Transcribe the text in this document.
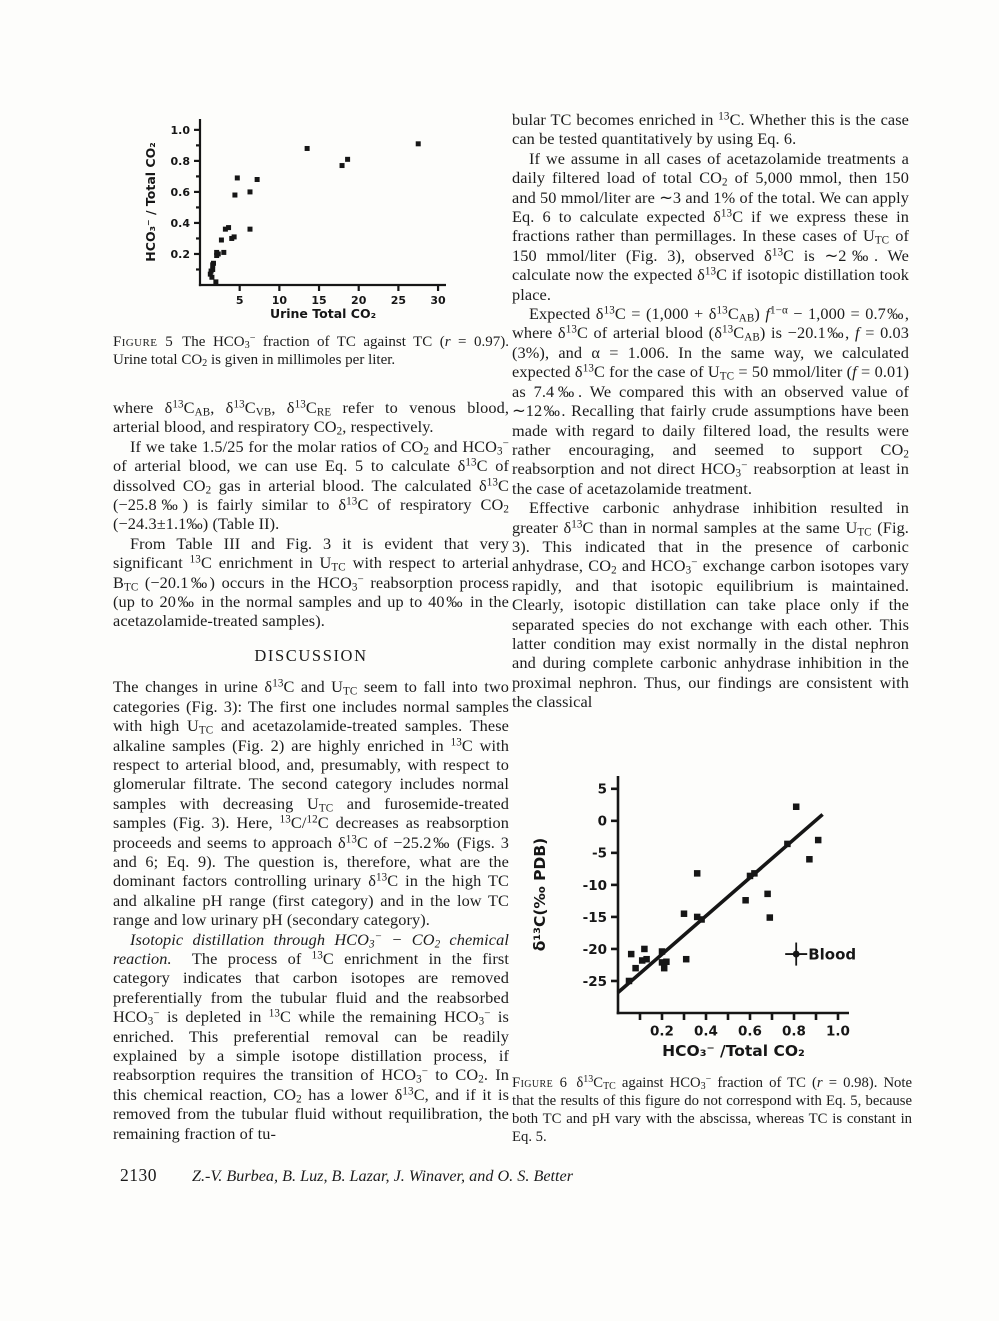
5	10 15 20 25 30
0.2
0.4
0.6
0.8
1.0
Urine Total CO₂
HCO₃⁻ / Total CO₂

Figure 5 The $HCO_3^-$ fraction of TC against TC (r = 0.97). Urine total $CO_2$ is given in millimoles per liter.

where $\delta^{13}C_{AB}$, $\delta^{13}C_{VB}$, $\delta^{13}C_{RE}$ refer to venous blood, arterial blood, and respiratory $CO_2$, respectively.

If we take 1.5/25 for the molar ratios of $CO_2$ and $HCO_3^-$ of arterial blood, we can use Eq. 5 to calculate $\delta^{13}C$ of dissolved $CO_2$ gas in arterial blood. The calculated $\delta^{13}C$ (−25.8‰) is fairly similar to $\delta^{13}C$ of respiratory $CO_2$ (−24.3±1.1‰) (Table II).

From Table III and Fig. 3 it is evident that very significant $^{13}$C enrichment in $U_{TC}$ with respect to arterial $B_{TC}$ (−20.1‰) occurs in the $HCO_3^-$ reabsorption process (up to 20‰ in the normal samples and up to 40‰ in the acetazolamide-treated samples).

DISCUSSION

The changes in urine $\delta^{13}C$ and $U_{TC}$ seem to fall into two categories (Fig. 3): The first one includes normal samples with high $U_{TC}$ and acetazolamide-treated samples. These alkaline samples (Fig. 2) are highly enriched in $^{13}$C with respect to arterial blood, and, presumably, with respect to glomerular filtrate. The second category includes normal samples with decreasing $U_{TC}$ and furosemide-treated samples (Fig. 3). Here, $^{13}$C/$^{12}$C decreases as reabsorption proceeds and seems to approach $\delta^{13}C$ of −25.2‰ (Figs. 3 and 6; Eq. 9). The question is, therefore, what are the dominant factors controlling urinary $\delta^{13}C$ in the high TC and alkaline pH range (first category) and in the low TC range and low urinary pH (secondary category).

Isotopic distillation through $HCO_3^- - CO_2$ chemical reaction.  The process of $^{13}$C enrichment in the first category indicates that carbon isotopes are removed preferentially from the tubular fluid and the reabsorbed $HCO_3^-$ is depleted in $^{13}$C while the remaining $HCO_3^-$ is enriched. This preferential removal can be readily explained by a simple isotope distillation process, if reabsorption requires the transition of $HCO_3^-$ to $CO_2$. In this chemical reaction, $CO_2$ has a lower $\delta^{13}C$, and if it is removed from the tubular fluid without requilibration, the remaining fraction of tu-

bular TC becomes enriched in $^{13}$C. Whether this is the case can be tested quantitatively by using Eq. 6.

If we assume in all cases of acetazolamide treatments a daily filtered load of total $CO_2$ of 5,000 mmol, then 150 and 50 mmol/liter are ∼3 and 1% of the total. We can apply Eq. 6 to calculate expected $\delta^{13}C$ if we express these in fractions rather than permillages. In these cases of $U_{TC}$ of 150 mmol/liter (Fig. 3), observed $\delta^{13}C$ is ∼2‰. We calculate now the expected $\delta^{13}C$ if isotopic distillation took place.

Expected $\delta^{13}C = (1,000 + \delta^{13}C_{AB}) f^{1-\alpha} - 1,000$ = 0.7‰, where $\delta^{13}C$ of arterial blood $(\delta^{13}C_{AB})$ is −20.1‰, f = 0.03 (3%), and α = 1.006. In the same way, we calculated expected $\delta^{13}C$ for the case of $U_{TC} = 50$ mmol/liter (f = 0.01) as 7.4‰. We compared this with an observed value of ∼12‰. Recalling that fairly crude assumptions have been made with regard to daily filtered load, the results were rather encouraging, and seemed to support $CO_2$ reabsorption and not direct $HCO_3^-$ reabsorption at least in the case of acetazolamide treatment.

Effective carbonic anhydrase inhibition resulted in greater $\delta^{13}C$ than in normal samples at the same $U_{TC}$ (Fig. 3). This indicated that in the presence of carbonic anhydrase, $CO_2$ and $HCO_3^-$ exchange carbon isotopes vary rapidly, and that isotopic equilibrium is maintained. Clearly, isotopic distillation can take place only if the separated species do not exchange with each other. This latter condition may exist normally in the distal nephron and during complete carbonic anhydrase inhibition in the proximal nephron. Thus, our findings are consistent with the classical

0.2 0.4 0.6 0.8 1.0
5
0
-5
-10
-15
-20
-25
HCO₃⁻ /Total CO₂
δ¹³C(‰ PDB)
Blood

Figure 6 $\delta^{13}C_{TC}$ against $HCO_3^-$ fraction of TC (r = 0.98). Note that the results of this figure do not correspond with Eq. 5, because both TC and pH vary with the abscissa, whereas TC is constant in Eq. 5.

2130 Z.-V. Burbea, B. Luz, B. Lazar, J. Winaver, and O. S. Better
